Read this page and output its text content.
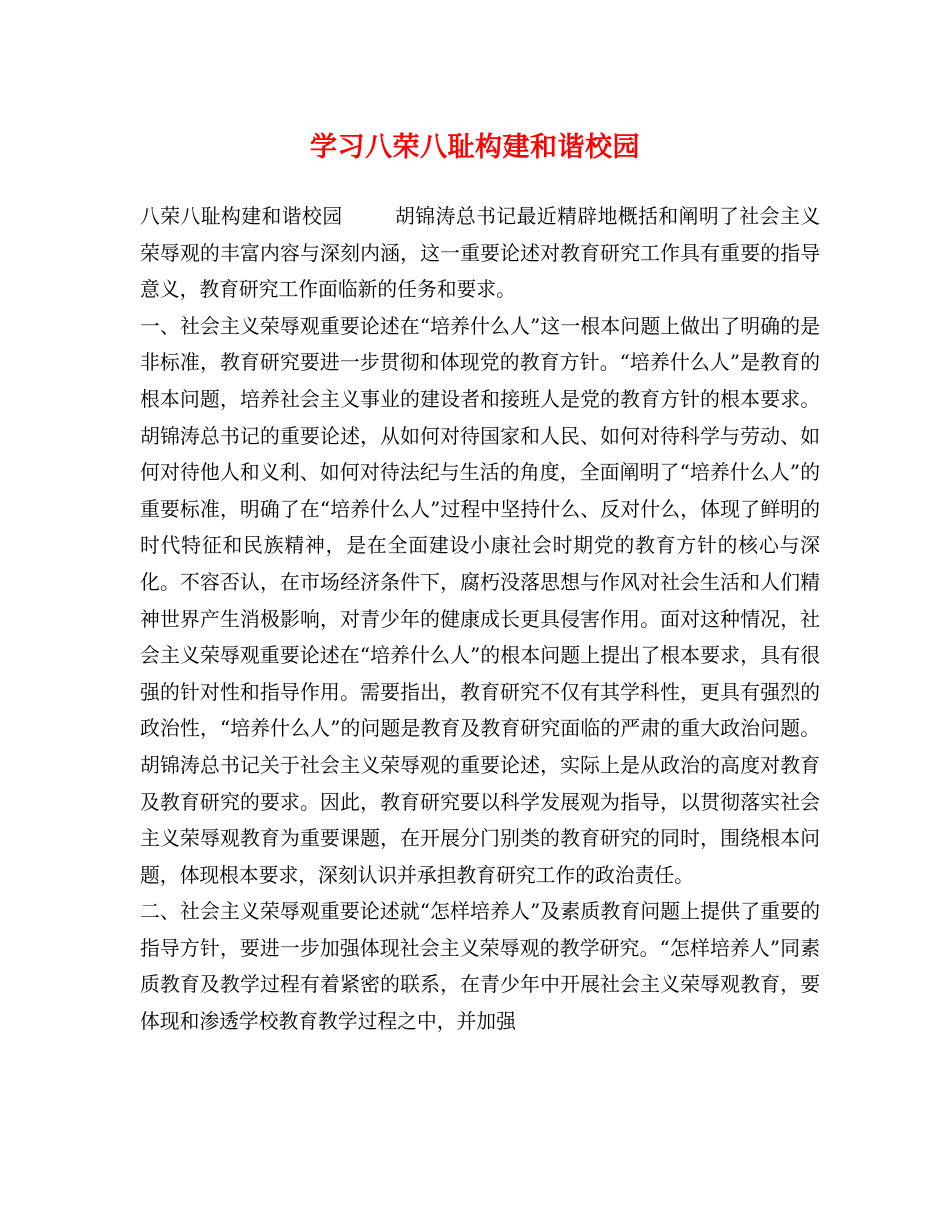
学习八荣八耻构建和谐校园

八荣八耻构建和谐校园	胡锦涛总书记最近精辟地概括和阐明了社会主义荣辱观的丰富内容与深刻内涵，这一重要论述对教育研究工作具有重要的指导意义，教育研究工作面临新的任务和要求。

一、社会主义荣辱观重要论述在“培养什么人”这一根本问题上做出了明确的是非标准，教育研究要进一步贯彻和体现党的教育方针。“培养什么人”是教育的根本问题，培养社会主义事业的建设者和接班人是党的教育方针的根本要求。胡锦涛总书记的重要论述，从如何对待国家和人民、如何对待科学与劳动、如何对待他人和义利、如何对待法纪与生活的角度，全面阐明了“培养什么人”的重要标准，明确了在“培养什么人”过程中坚持什么、反对什么，体现了鲜明的时代特征和民族精神，是在全面建设小康社会时期党的教育方针的核心与深化。不容否认，在市场经济条件下，腐朽没落思想与作风对社会生活和人们精神世界产生消极影响，对青少年的健康成长更具侵害作用。面对这种情况，社会主义荣辱观重要论述在“培养什么人”的根本问题上提出了根本要求，具有很强的针对性和指导作用。需要指出，教育研究不仅有其学科性，更具有强烈的政治性，“培养什么人”的问题是教育及教育研究面临的严肃的重大政治问题。胡锦涛总书记关于社会主义荣辱观的重要论述，实际上是从政治的高度对教育及教育研究的要求。因此，教育研究要以科学发展观为指导，以贯彻落实社会主义荣辱观教育为重要课题，在开展分门别类的教育研究的同时，围绕根本问题，体现根本要求，深刻认识并承担教育研究工作的政治责任。

二、社会主义荣辱观重要论述就“怎样培养人”及素质教育问题上提供了重要的指导方针，要进一步加强体现社会主义荣辱观的教学研究。“怎样培养人”同素质教育及教学过程有着紧密的联系，在青少年中开展社会主义荣辱观教育，要体现和渗透学校教育教学过程之中，并加强
